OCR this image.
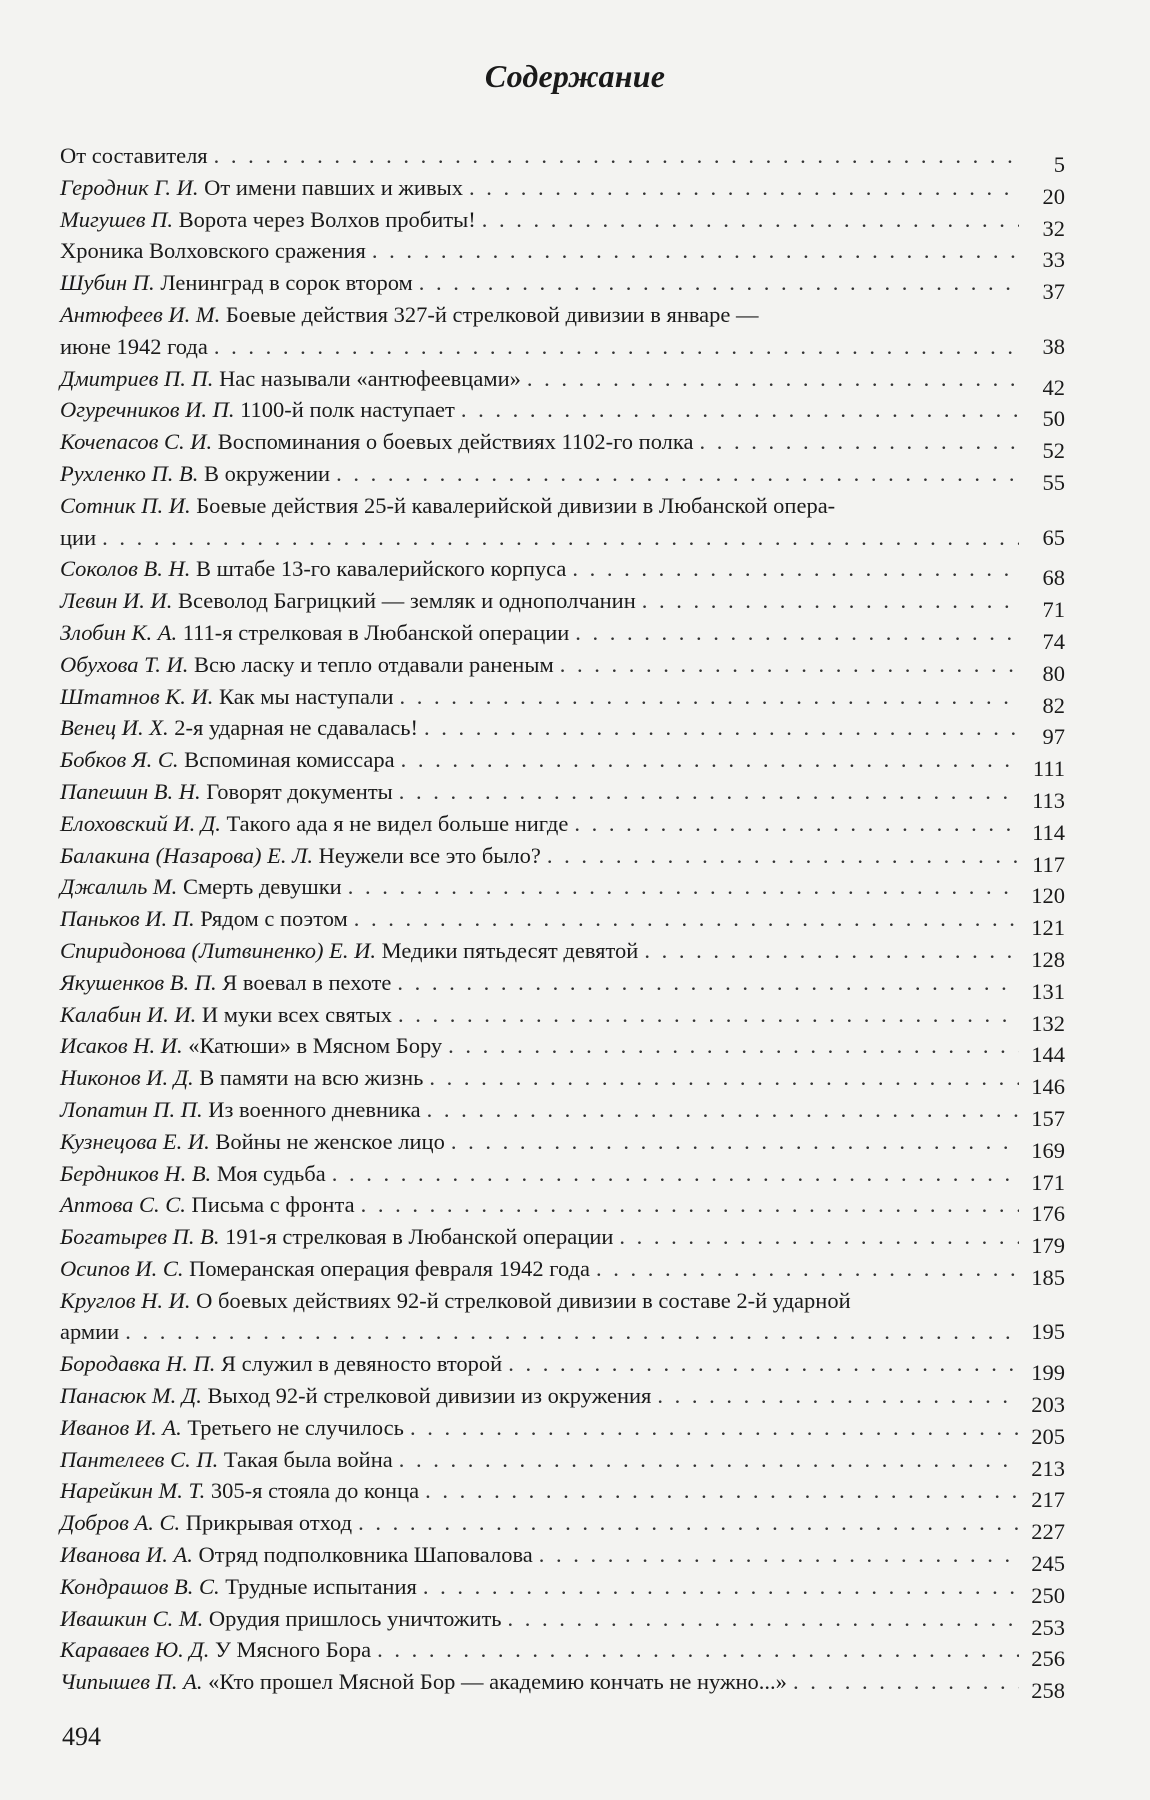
Содержание
От составителя . . .	5
Геродник Г. И. От имени павших и живых . . .	20
Мигушев П. Ворота через Волхов пробиты! . . .	32
Хроника Волховского сражения . . .	33
Шубин П. Ленинград в сорок втором . . .	37
Антюфеев И. М. Боевые действия 327-й стрелковой дивизии в январе —
июне 1942 года . . .	38
Дмитриев П. П. Нас называли «антюфеевцами» . . .	42
Огуречников И. П. 1100-й полк наступает . . .	50
Кочепасов С. И. Воспоминания о боевых действиях 1102-го полка . . .	52
Рухленко П. В. В окружении . . .	55
Сотник П. И. Боевые действия 25-й кавалерийской дивизии в Любанской опера-
ции . . .	65
Соколов В. Н. В штабе 13-го кавалерийского корпуса . . .	68
Левин И. И. Всеволод Багрицкий — земляк и однополчанин . . .	71
Злобин К. А. 111-я стрелковая в Любанской операции . . .	74
Обухова Т. И. Всю ласку и тепло отдавали раненым . . .	80
Штатнов К. И. Как мы наступали . . .	82
Венец И. Х. 2-я ударная не сдавалась! . . .	97
Бобков Я. С. Вспоминая комиссара . . .	111
Папешин В. Н. Говорят документы . . .	113
Елоховский И. Д. Такого ада я не видел больше нигде . . .	114
Балакина (Назарова) Е. Л. Неужели все это было? . . .	117
Джалиль М. Смерть девушки . . .	120
Паньков И. П. Рядом с поэтом . . .	121
Спиридонова (Литвиненко) Е. И. Медики пятьдесят девятой . . .	128
Якушенков В. П. Я воевал в пехоте . . .	131
Калабин И. И. И муки всех святых . . .	132
Исаков Н. И. «Катюши» в Мясном Бору . . .	144
Никонов И. Д. В памяти на всю жизнь . . .	146
Лопатин П. П. Из военного дневника . . .	157
Кузнецова Е. И. Войны не женское лицо . . .	169
Бердников Н. В. Моя судьба . . .	171
Аптова С. С. Письма с фронта . . .	176
Богатырев П. В. 191-я стрелковая в Любанской операции . . .	179
Осипов И. С. Померанская операция февраля 1942 года . . .	185
Круглов Н. И. О боевых действиях 92-й стрелковой дивизии в составе 2-й ударной
армии . . .	195
Бородавка Н. П. Я служил в девяносто второй . . .	199
Панасюк М. Д. Выход 92-й стрелковой дивизии из окружения . . .	203
Иванов И. А. Третьего не случилось . . .	205
Пантелеев С. П. Такая была война . . .	213
Нарейкин М. Т. 305-я стояла до конца . . .	217
Добров А. С. Прикрывая отход . . .	227
Иванова И. А. Отряд подполковника Шаповалова . . .	245
Кондрашов В. С. Трудные испытания . . .	250
Ивашкин С. М. Орудия пришлось уничтожить . . .	253
Караваев Ю. Д. У Мясного Бора . . .	256
Чипышев П. А. «Кто прошел Мясной Бор — академию кончать не нужно...» . . .	258
494
